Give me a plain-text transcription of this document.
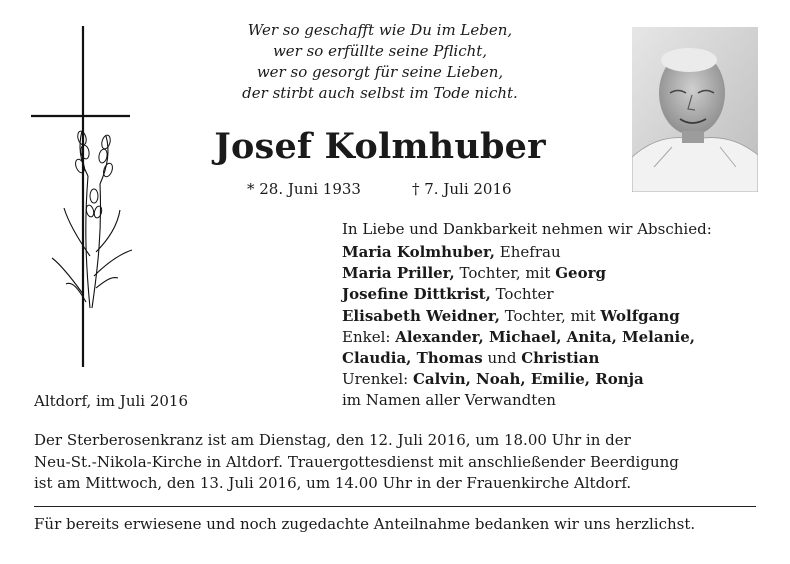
Wer so geschafft wie Du im Leben,
wer so erfüllte seine Pflicht,
wer so gesorgt für seine Lieben,
der stirbt auch selbst im Tode nicht.
Josef Kolmhuber
* 28. Juni 1933	† 7. Juli 2016
In Liebe und Dankbarkeit nehmen wir Abschied:
Maria Kolmhuber, Ehefrau
Maria Priller, Tochter, mit Georg
Josefine Dittkrist, Tochter
Elisabeth Weidner, Tochter, mit Wolfgang
Enkel: Alexander, Michael, Anita, Melanie,
Claudia, Thomas und Christian
Urenkel: Calvin, Noah, Emilie, Ronja
im Namen aller Verwandten
Altdorf, im Juli 2016
Der Sterberosenkranz ist am Dienstag, den 12. Juli 2016, um 18.00 Uhr in der
Neu-St.-Nikola-Kirche in Altdorf. Trauergottesdienst mit anschließender Beerdigung
ist am Mittwoch, den 13. Juli 2016, um 14.00 Uhr in der Frauenkirche Altdorf.
Für bereits erwiesene und noch zugedachte Anteilnahme bedanken wir uns herzlichst.
